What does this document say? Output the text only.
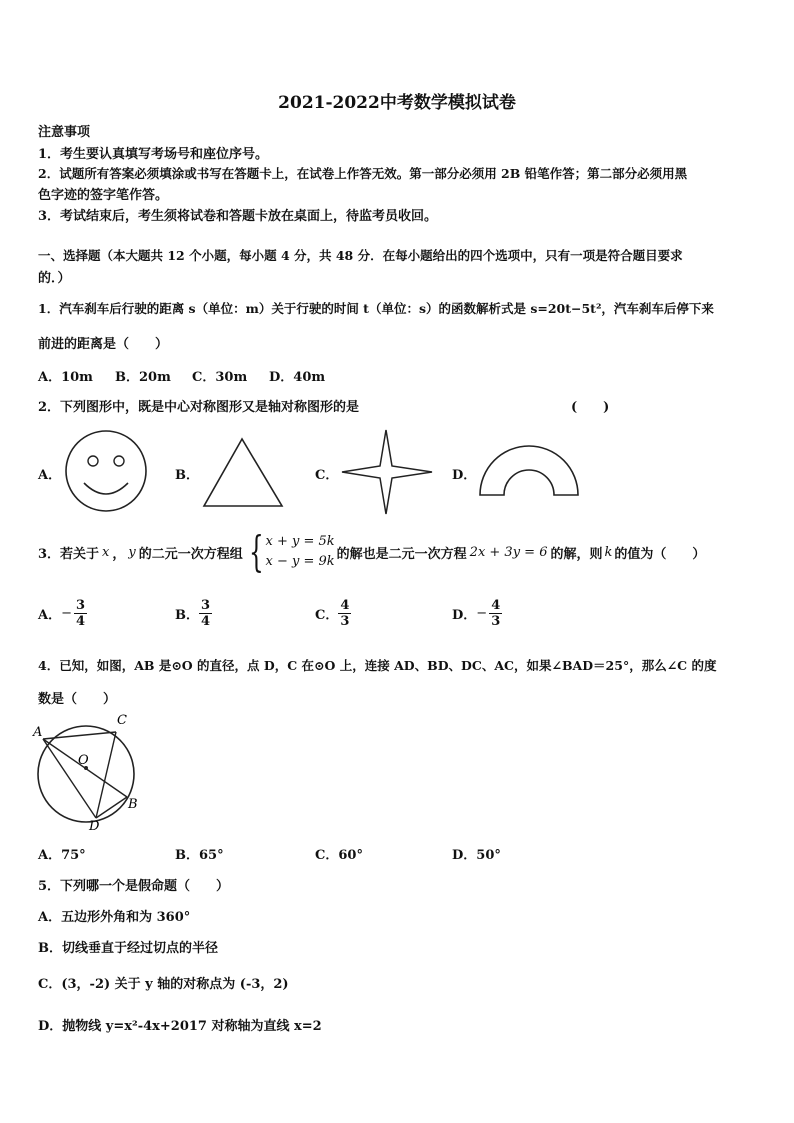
2021-2022中考数学模拟试卷
注意事项
1．考生要认真填写考场号和座位序号。
2．试题所有答案必须填涂或书写在答题卡上，在试卷上作答无效。第一部分必须用 2B 铅笔作答；第二部分必须用黑
色字迹的签字笔作答。
3．考试结束后，考生须将试卷和答题卡放在桌面上，待监考员收回。
一、选择题（本大题共 12 个小题，每小题 4 分，共 48 分．在每小题给出的四个选项中，只有一项是符合题目要求
的．）
1．汽车刹车后行驶的距离 s（单位：m）关于行驶的时间 t（单位：s）的函数解析式是 s=20t−5t²，汽车刹车后停下来
前进的距离是（　　）
A．10m B．20m C．30m D．40m
2．下列图形中，既是中心对称图形又是轴对称图形的是	(　　)
A．	B．	C．	D．
3．若关于 x ， y 的二元一次方程组 { x + y = 5k
x − y = 9k 的解也是二元一次方程 2x + 3y = 6 的解，则 k 的值为（　　）
A． − $\frac{3}{4}$	B． $\frac{3}{4}$	C． $\frac{4}{3}$	D． − $\frac{4}{3}$
4．已知，如图，AB 是⊙O 的直径，点 D，C 在⊙O 上，连接 AD、BD、DC、AC，如果∠BAD＝25°，那么∠C 的度
数是（　　）
A
C
O
B
D
A．75°	B．65°	C．60°	D．50°
5．下列哪一个是假命题（　　）
A．五边形外角和为 360°
B．切线垂直于经过切点的半径
C．(3，-2) 关于 y 轴的对称点为 (-3，2)
D．抛物线 y=x²-4x+2017 对称轴为直线 x=2
